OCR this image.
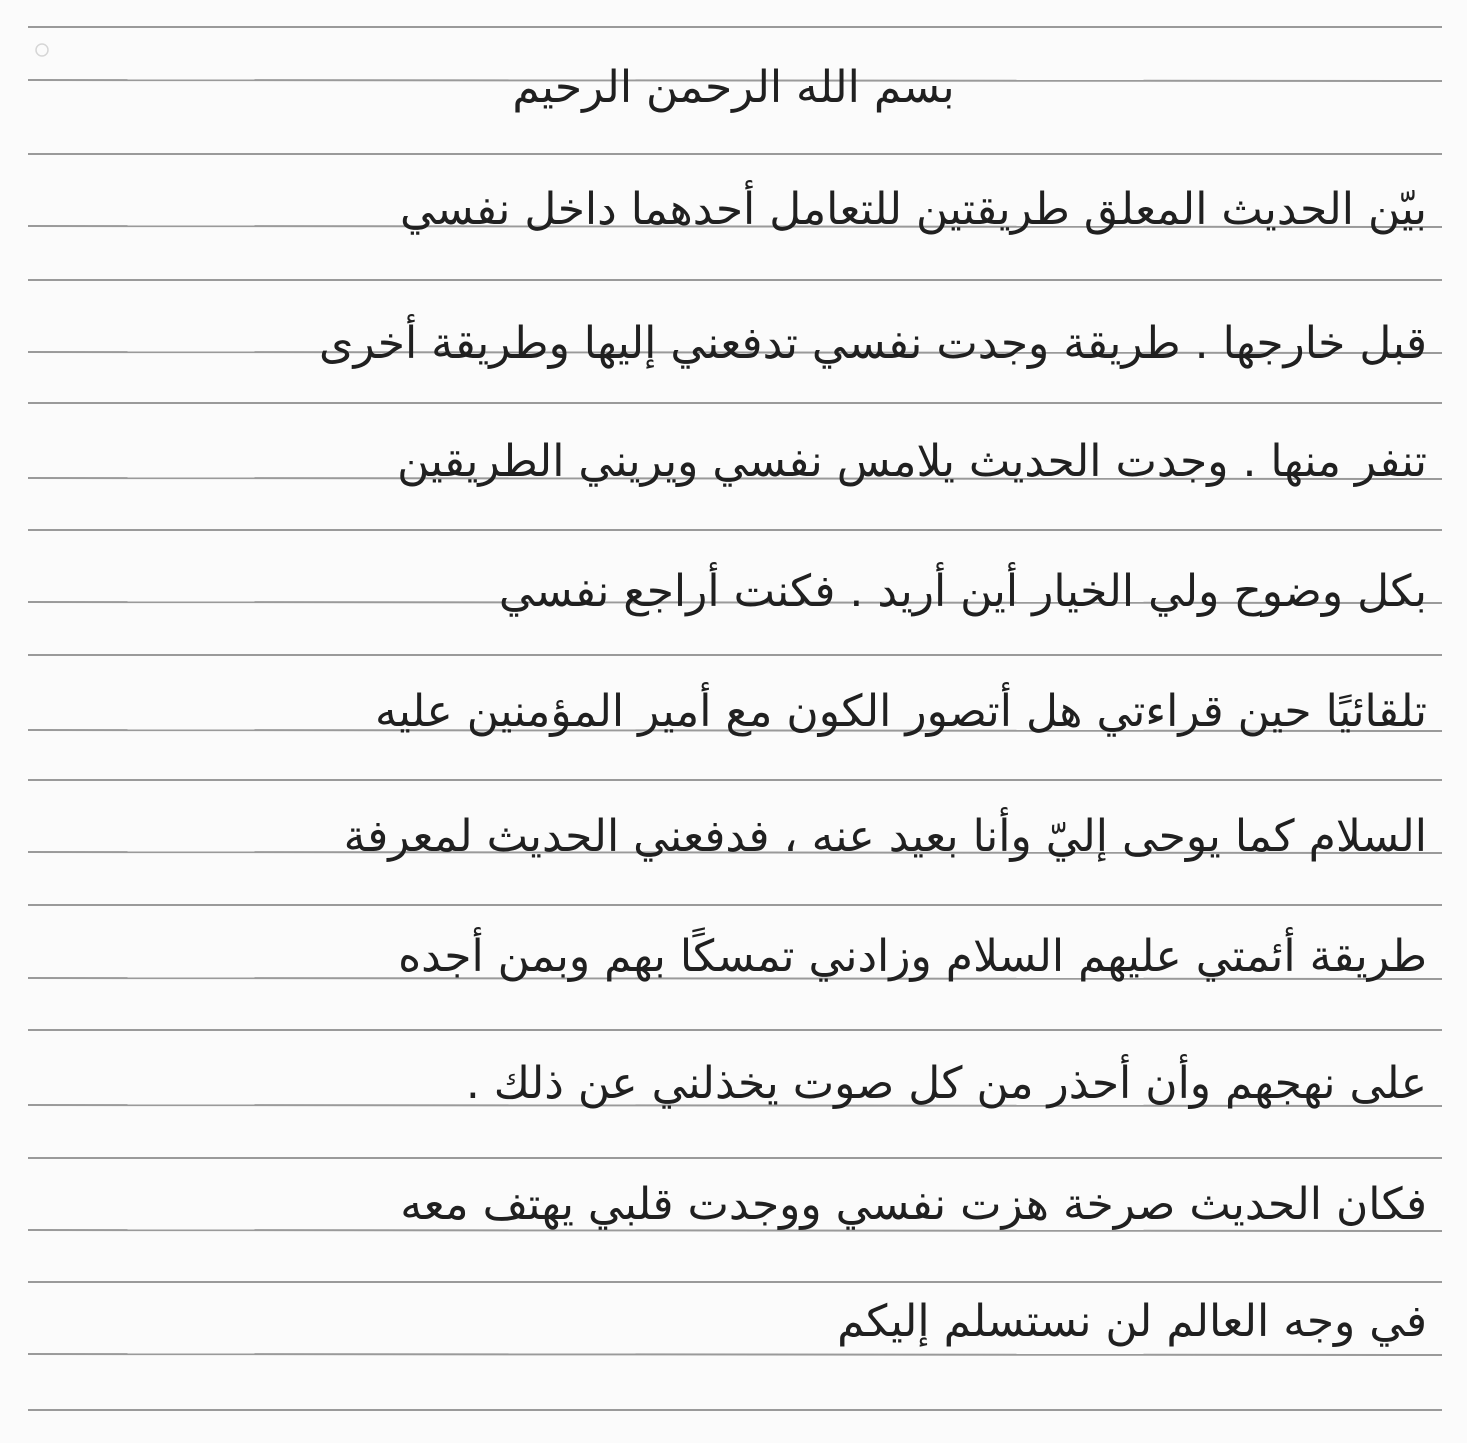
بسم الله الرحمن الرحيم
بيّن الحديث المعلق طريقتين للتعامل أحدهما داخل نفسي
قبل خارجها . طريقة وجدت نفسي تدفعني إليها وطريقة أخرى
تنفر منها . وجدت الحديث يلامس نفسي ويريني الطريقين
بكل وضوح ولي الخيار أين أريد . فكنت أراجع نفسي
تلقائيًا حين قراءتي هل أتصور الكون مع أمير المؤمنين عليه
السلام كما يوحى إليّ وأنا بعيد عنه ، فدفعني الحديث لمعرفة
طريقة أئمتي عليهم السلام وزادني تمسكًا بهم وبمن أجده
على نهجهم وأن أحذر من كل صوت يخذلني عن ذلك .
فكان الحديث صرخة هزت نفسي ووجدت قلبي يهتف معه
في وجه العالم لن نستسلم إليكم
